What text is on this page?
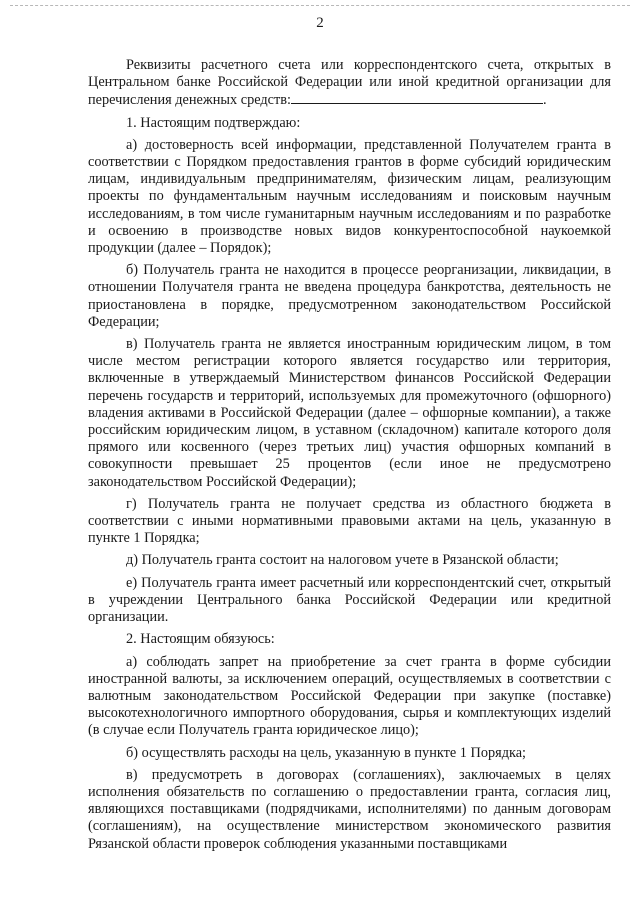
2

Реквизиты расчетного счета или корреспондентского счета, открытых в Центральном банке Российской Федерации или иной кредитной организации для перечисления денежных средств:	.

1. Настоящим подтверждаю:

а) достоверность всей информации, представленной Получателем гранта в соответствии с Порядком предоставления грантов в форме субсидий юридическим лицам, индивидуальным предпринимателям, физическим лицам, реализующим проекты по фундаментальным научным исследованиям и поисковым научным исследованиям, в том числе гуманитарным научным исследованиям и по разработке и освоению в производстве новых видов конкурентоспособной наукоемкой продукции (далее – Порядок);

б) Получатель гранта не находится в процессе реорганизации, ликвидации, в отношении Получателя гранта не введена процедура банкротства, деятельность не приостановлена в порядке, предусмотренном законодательством Российской Федерации;

в) Получатель гранта не является иностранным юридическим лицом, в том числе местом регистрации которого является государство или территория, включенные в утверждаемый Министерством финансов Российской Федерации перечень государств и территорий, используемых для промежуточного (офшорного) владения активами в Российской Федерации (далее – офшорные компании), а также российским юридическим лицом, в уставном (складочном) капитале которого доля прямого или косвенного (через третьих лиц) участия офшорных компаний в совокупности превышает 25 процентов (если иное не предусмотрено законодательством Российской Федерации);

г) Получатель гранта не получает средства из областного бюджета в соответствии с иными нормативными правовыми актами на цель, указанную в пункте 1 Порядка;

д) Получатель гранта состоит на налоговом учете в Рязанской области;

е) Получатель гранта имеет расчетный или корреспондентский счет, открытый в учреждении Центрального банка Российской Федерации или кредитной организации.

2. Настоящим обязуюсь:

а) соблюдать запрет на приобретение за счет гранта в форме субсидии иностранной валюты, за исключением операций, осуществляемых в соответствии с валютным законодательством Российской Федерации при закупке (поставке) высокотехнологичного импортного оборудования, сырья и комплектующих изделий (в случае если Получатель гранта юридическое лицо);

б) осуществлять расходы на цель, указанную в пункте 1 Порядка;

в) предусмотреть в договорах (соглашениях), заключаемых в целях исполнения обязательств по соглашению о предоставлении гранта, согласия лиц, являющихся поставщиками (подрядчиками, исполнителями) по данным договорам (соглашениям), на осуществление министерством экономического развития Рязанской области проверок соблюдения указанными поставщиками
